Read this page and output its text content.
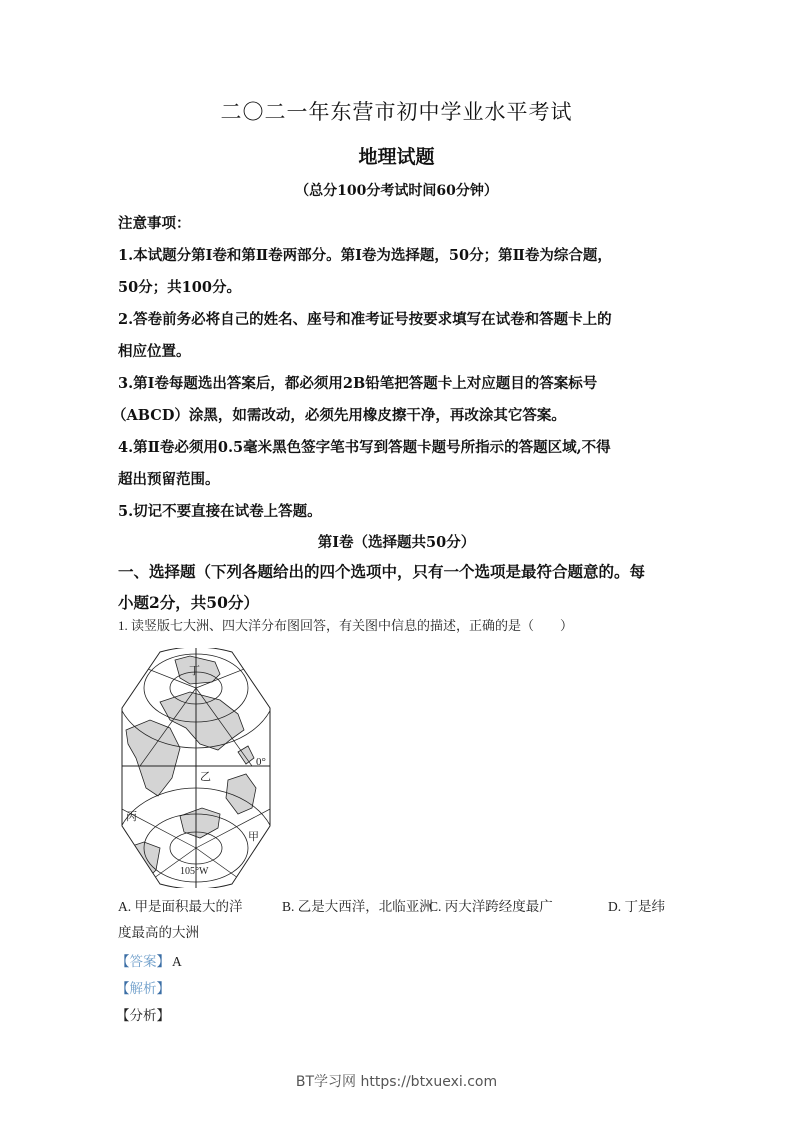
二〇二一年东营市初中学业水平考试
地理试题
（总分100分考试时间60分钟）
注意事项：
1.本试题分第Ⅰ卷和第Ⅱ卷两部分。第Ⅰ卷为选择题，50分；第Ⅱ卷为综合题，
50分；共100分。
2.答卷前务必将自己的姓名、座号和准考证号按要求填写在试卷和答题卡上的
相应位置。
3.第Ⅰ卷每题选出答案后，都必须用2B铅笔把答题卡上对应题目的答案标号
（ABCD）涂黑，如需改动，必须先用橡皮擦干净，再改涂其它答案。
4.第Ⅱ卷必须用0.5毫米黑色签字笔书写到答题卡题号所指示的答题区域,不得
超出预留范围。
5.切记不要直接在试卷上答题。
第Ⅰ卷（选择题共50分）
一、选择题（下列各题给出的四个选项中，只有一个选项是最符合题意的。每
小题2分，共50分）
1. 读竖版七大洲、四大洋分布图回答，有关图中信息的描述，正确的是（　　）
丁
乙
丙
甲
0°
105°W
A. 甲是面积最大的洋	B. 乙是大西洋，北临亚洲
C. 丙大洋跨经度最广	D. 丁是纬
度最高的大洲
【答案】 A
【解析】
【分析】
BT学习网 https://btxuexi.com
